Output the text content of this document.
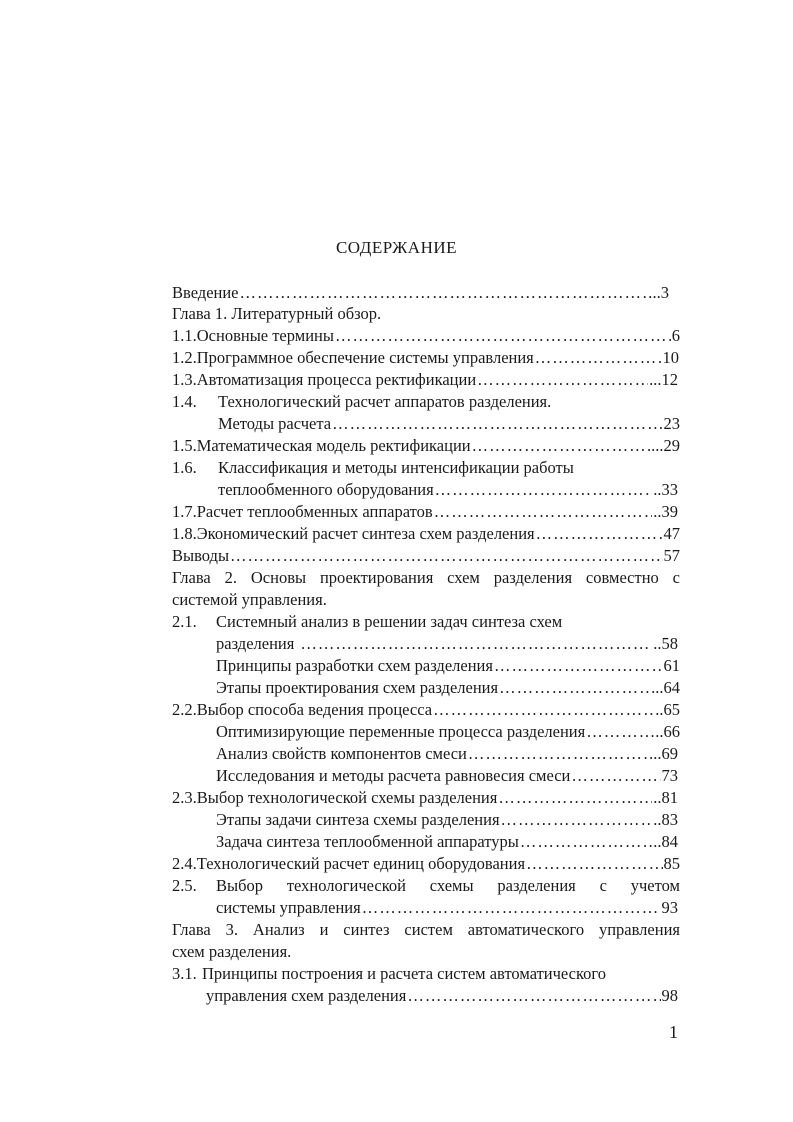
СОДЕРЖАНИЕ
Введение ……………………………………………………………………………………………………………………………………	..3
Глава 1. Литературный обзор.
1.1. Основные термины ……………………………………………………………………………………………………………………………………	6
1.2. Программное обеспечение системы управления ……………………………………………………………………………………………………………………………………	10
1.3. Автоматизация процесса ректификации ……………………………………………………………………………………………………………………………………	...12
1.4.	Технологический расчет аппаратов разделения.
Методы расчета ……………………………………………………………………………………………………………………………………	23
1.5. Математическая модель ректификации ……………………………………………………………………………………………………………………………………	....29
1.6.	Классификация и методы интенсификации работы
теплообменного оборудования ……………………………………………………………………………………………………………………………………	..33
1.7. Расчет теплообменных аппаратов ……………………………………………………………………………………………………………………………………	..39
1.8. Экономический расчет синтеза схем разделения ……………………………………………………………………………………………………………………………………	47
Выводы ……………………………………………………………………………………………………………………………………	57
Глава 2. Основы проектирования схем разделения совместно с
системой управления.
2.1.	Системный анализ в решении задач синтеза схем
разделения ……………………………………………………………………………………………………………………………………	..58
Принципы разработки схем разделения ……………………………………………………………………………………………………………………………………	61
Этапы проектирования схем разделения ……………………………………………………………………………………………………………………………………	...64
2.2. Выбор способа ведения процесса ……………………………………………………………………………………………………………………………………	..65
Оптимизирующие переменные процесса разделения ……………………………………………………………………………………………………………………………………	..66
Анализ свойств компонентов смеси ……………………………………………………………………………………………………………………………………	..69
Исследования и методы расчета равновесия смеси ……………………………………………………………………………………………………………………………………	73
2.3. Выбор технологической схемы разделения ……………………………………………………………………………………………………………………………………	..81
Этапы задачи синтеза схемы разделения ……………………………………………………………………………………………………………………………………	..83
Задача синтеза теплообменной аппаратуры ……………………………………………………………………………………………………………………………………	..84
2.4. Технологический расчет единиц оборудования ……………………………………………………………………………………………………………………………………	85
2.5.	Выбор технологической схемы разделения с учетом
системы управления ……………………………………………………………………………………………………………………………………	93
Глава 3. Анализ и синтез систем автоматического управления
схем разделения.
3.1. Принципы построения и расчета систем автоматического
управления схем разделения ……………………………………………………………………………………………………………………………………	98
1
